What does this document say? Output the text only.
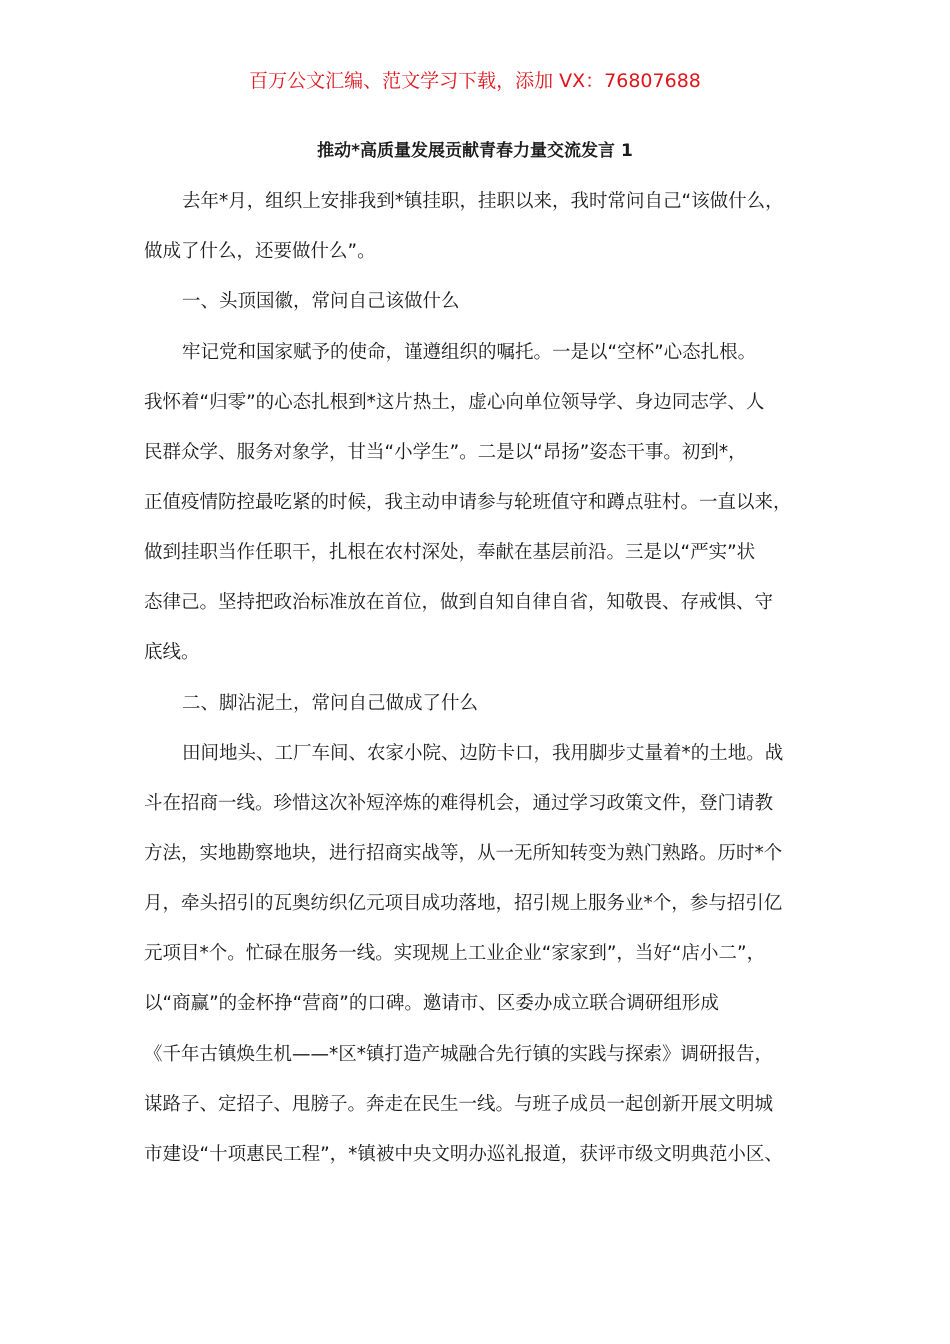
百万公文汇编、范文学习下载，添加 VX：76807688
推动*高质量发展贡献青春力量交流发言 1
去年*月，组织上安排我到*镇挂职，挂职以来，我时常问自己“该做什么，
做成了什么，还要做什么”。
一、头顶国徽，常问自己该做什么
牢记党和国家赋予的使命，谨遵组织的嘱托。一是以“空杯”心态扎根。
我怀着“归零”的心态扎根到*这片热土，虚心向单位领导学、身边同志学、人
民群众学、服务对象学，甘当“小学生”。二是以“昂扬”姿态干事。初到*，
正值疫情防控最吃紧的时候，我主动申请参与轮班值守和蹲点驻村。一直以来，
做到挂职当作任职干，扎根在农村深处，奉献在基层前沿。三是以“严实”状
态律己。坚持把政治标准放在首位，做到自知自律自省，知敬畏、存戒惧、守
底线。
二、脚沾泥土，常问自己做成了什么
田间地头、工厂车间、农家小院、边防卡口，我用脚步丈量着*的土地。战
斗在招商一线。珍惜这次补短淬炼的难得机会，通过学习政策文件，登门请教
方法，实地勘察地块，进行招商实战等，从一无所知转变为熟门熟路。历时*个
月，牵头招引的瓦奥纺织亿元项目成功落地，招引规上服务业*个，参与招引亿
元项目*个。忙碌在服务一线。实现规上工业企业“家家到”，当好“店小二”，
以“商赢”的金杯挣“营商”的口碑。邀请市、区委办成立联合调研组形成
《千年古镇焕生机——*区*镇打造产城融合先行镇的实践与探索》调研报告，
谋路子、定招子、甩膀子。奔走在民生一线。与班子成员一起创新开展文明城
市建设“十项惠民工程”，*镇被中央文明办巡礼报道，获评市级文明典范小区、
